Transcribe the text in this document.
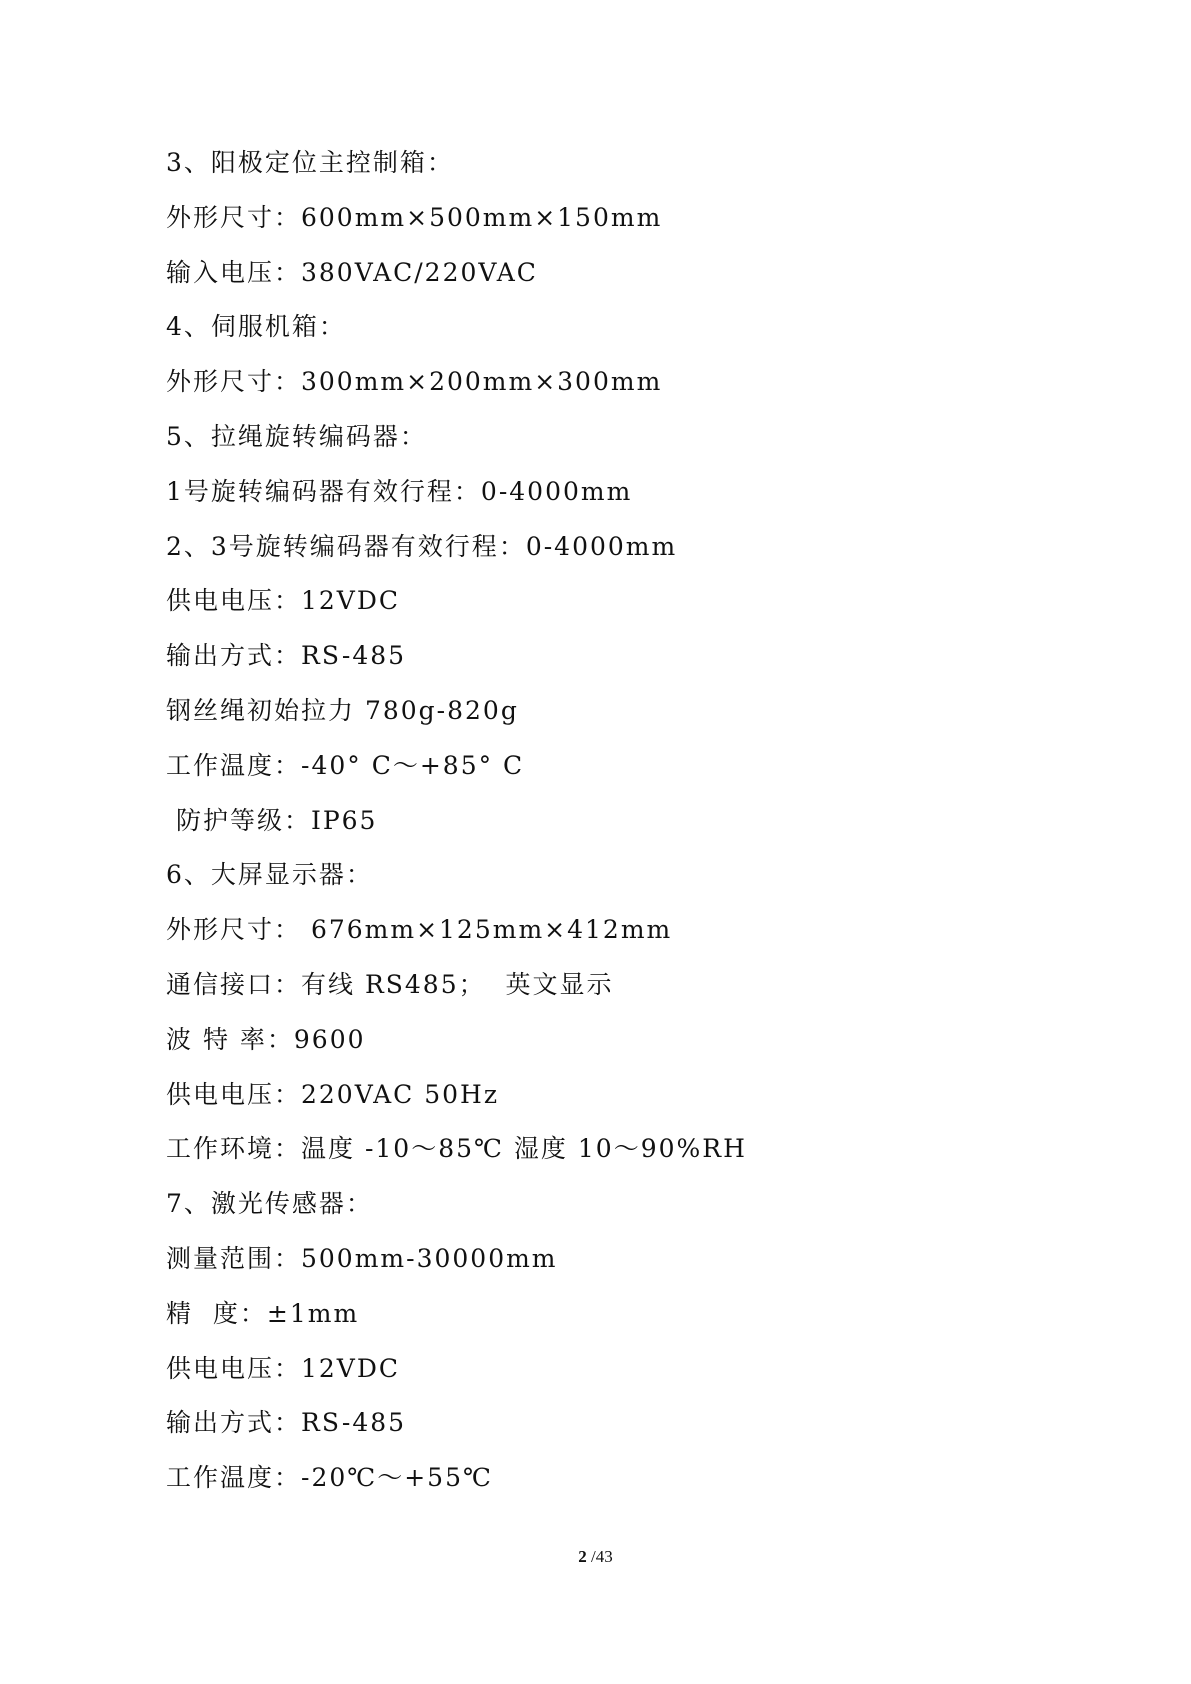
3、阳极定位主控制箱：
外形尺寸：600mm×500mm×150mm
输入电压：380VAC/220VAC
4、伺服机箱：
外形尺寸：300mm×200mm×300mm
5、拉绳旋转编码器：
1号旋转编码器有效行程：0-4000mm
2、3号旋转编码器有效行程：0-4000mm
供电电压：12VDC
输出方式：RS-485
钢丝绳初始拉力 780g-820g
工作温度：-40° C～+85° C
防护等级：IP65
6、大屏显示器：
外形尺寸： 676mm×125mm×412mm
通信接口：有线 RS485；  英文显示
波 特 率：9600
供电电压：220VAC 50Hz
工作环境：温度 -10～85℃ 湿度 10～90%RH
7、激光传感器：
测量范围：500mm-30000mm
精  度：±1mm
供电电压：12VDC
输出方式：RS-485
工作温度：-20℃～+55℃
2 /43
